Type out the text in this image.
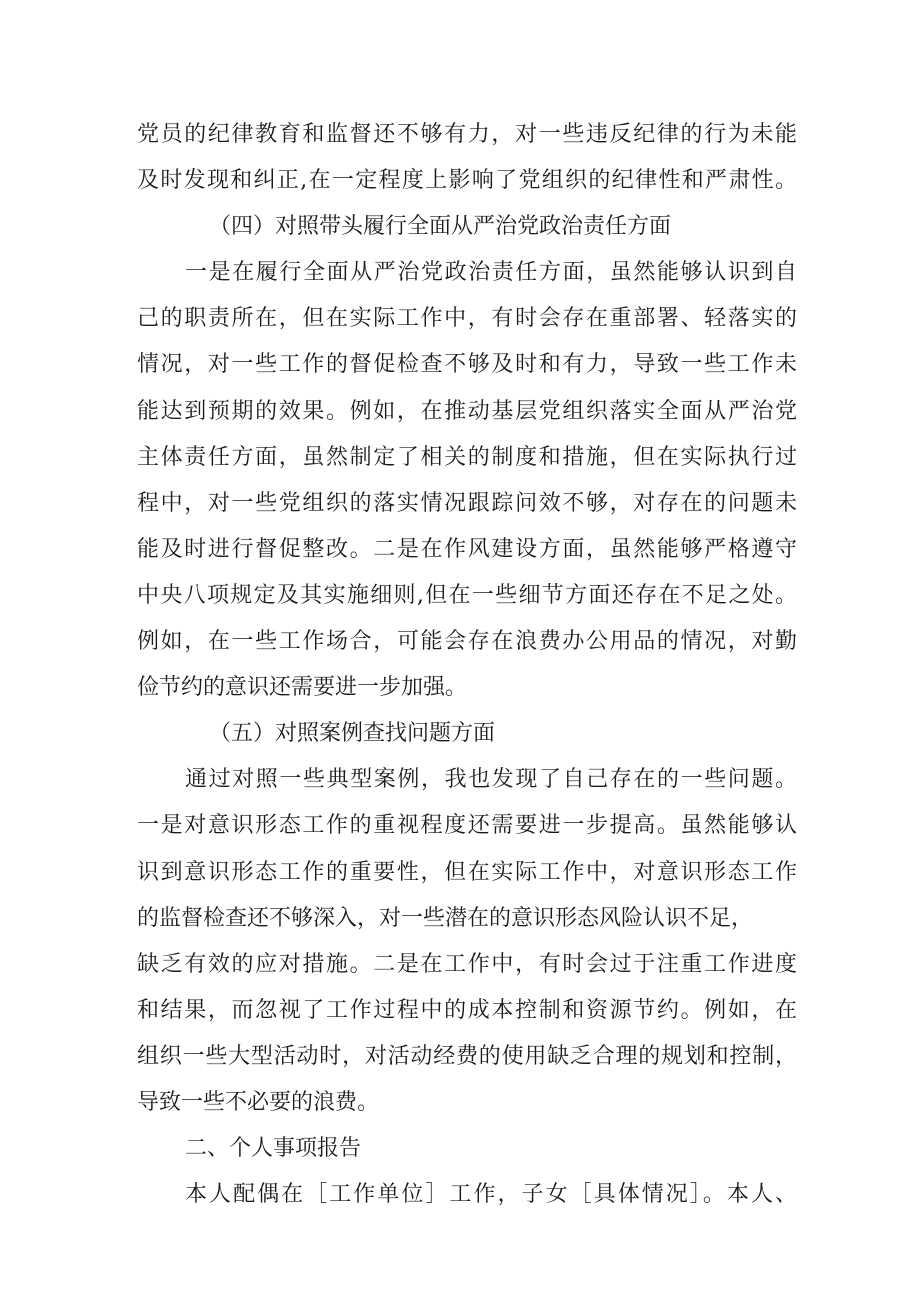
党员的纪律教育和监督还不够有力，对一些违反纪律的行为未能
及时发现和纠正,在一定程度上影响了党组织的纪律性和严肃性。
（四）对照带头履行全面从严治党政治责任方面
一是在履行全面从严治党政治责任方面，虽然能够认识到自
己的职责所在，但在实际工作中，有时会存在重部署、轻落实的
情况，对一些工作的督促检查不够及时和有力，导致一些工作未
能达到预期的效果。例如，在推动基层党组织落实全面从严治党
主体责任方面，虽然制定了相关的制度和措施，但在实际执行过
程中，对一些党组织的落实情况跟踪问效不够，对存在的问题未
能及时进行督促整改。二是在作风建设方面，虽然能够严格遵守
中央八项规定及其实施细则,但在一些细节方面还存在不足之处。
例如，在一些工作场合，可能会存在浪费办公用品的情况，对勤
俭节约的意识还需要进一步加强。
（五）对照案例查找问题方面
通过对照一些典型案例，我也发现了自己存在的一些问题。
一是对意识形态工作的重视程度还需要进一步提高。虽然能够认
识到意识形态工作的重要性，但在实际工作中，对意识形态工作
的监督检查还不够深入，对一些潜在的意识形态风险认识不足，
缺乏有效的应对措施。二是在工作中，有时会过于注重工作进度
和结果，而忽视了工作过程中的成本控制和资源节约。例如，在
组织一些大型活动时，对活动经费的使用缺乏合理的规划和控制，
导致一些不必要的浪费。
二、个人事项报告
本人配偶在［工作单位］工作，子女［具体情况］。本人、
